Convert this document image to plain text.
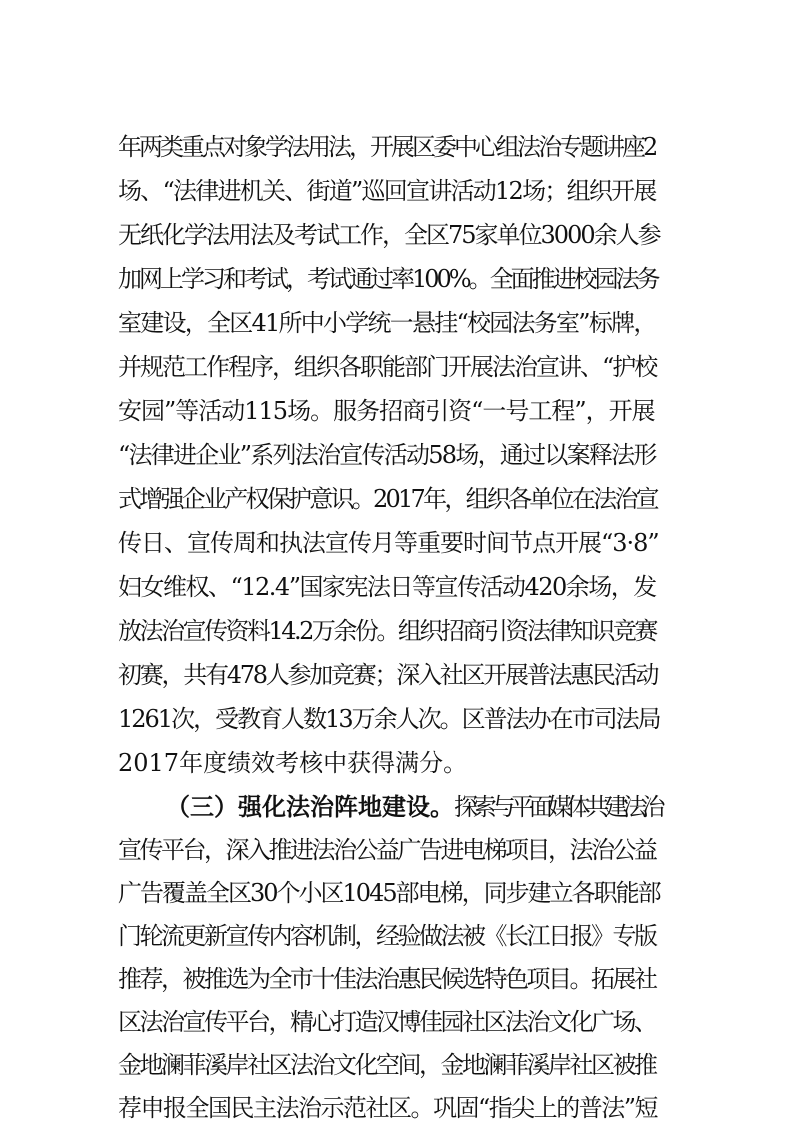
年两类重点对象学法用法，开展区委中心组法治专题讲座2
场、“法律进机关、街道”巡回宣讲活动12场；组织开展
无纸化学法用法及考试工作，全区75家单位3000余人参
加网上学习和考试，考试通过率100%。全面推进校园法务
室建设，全区41所中小学统一悬挂“校园法务室”标牌，
并规范工作程序，组织各职能部门开展法治宣讲、“护校
安园”等活动115场。服务招商引资“一号工程”，开展
“法律进企业”系列法治宣传活动58场，通过以案释法形
式增强企业产权保护意识。2017年，组织各单位在法治宣
传日、宣传周和执法宣传月等重要时间节点开展“3·8”
妇女维权、“12.4”国家宪法日等宣传活动420余场，发
放法治宣传资料14.2万余份。组织招商引资法律知识竞赛
初赛，共有478人参加竞赛；深入社区开展普法惠民活动
1261次，受教育人数13万余人次。区普法办在市司法局
2017年度绩效考核中获得满分。
（三）强化法治阵地建设。 探索与平面媒体共建法治
宣传平台，深入推进法治公益广告进电梯项目，法治公益
广告覆盖全区30个小区1045部电梯，同步建立各职能部
门轮流更新宣传内容机制，经验做法被《长江日报》专版
推荐，被推选为全市十佳法治惠民候选特色项目。拓展社
区法治宣传平台，精心打造汉博佳园社区法治文化广场、
金地澜菲溪岸社区法治文化空间，金地澜菲溪岸社区被推
荐申报全国民主法治示范社区。巩固“指尖上的普法”短
